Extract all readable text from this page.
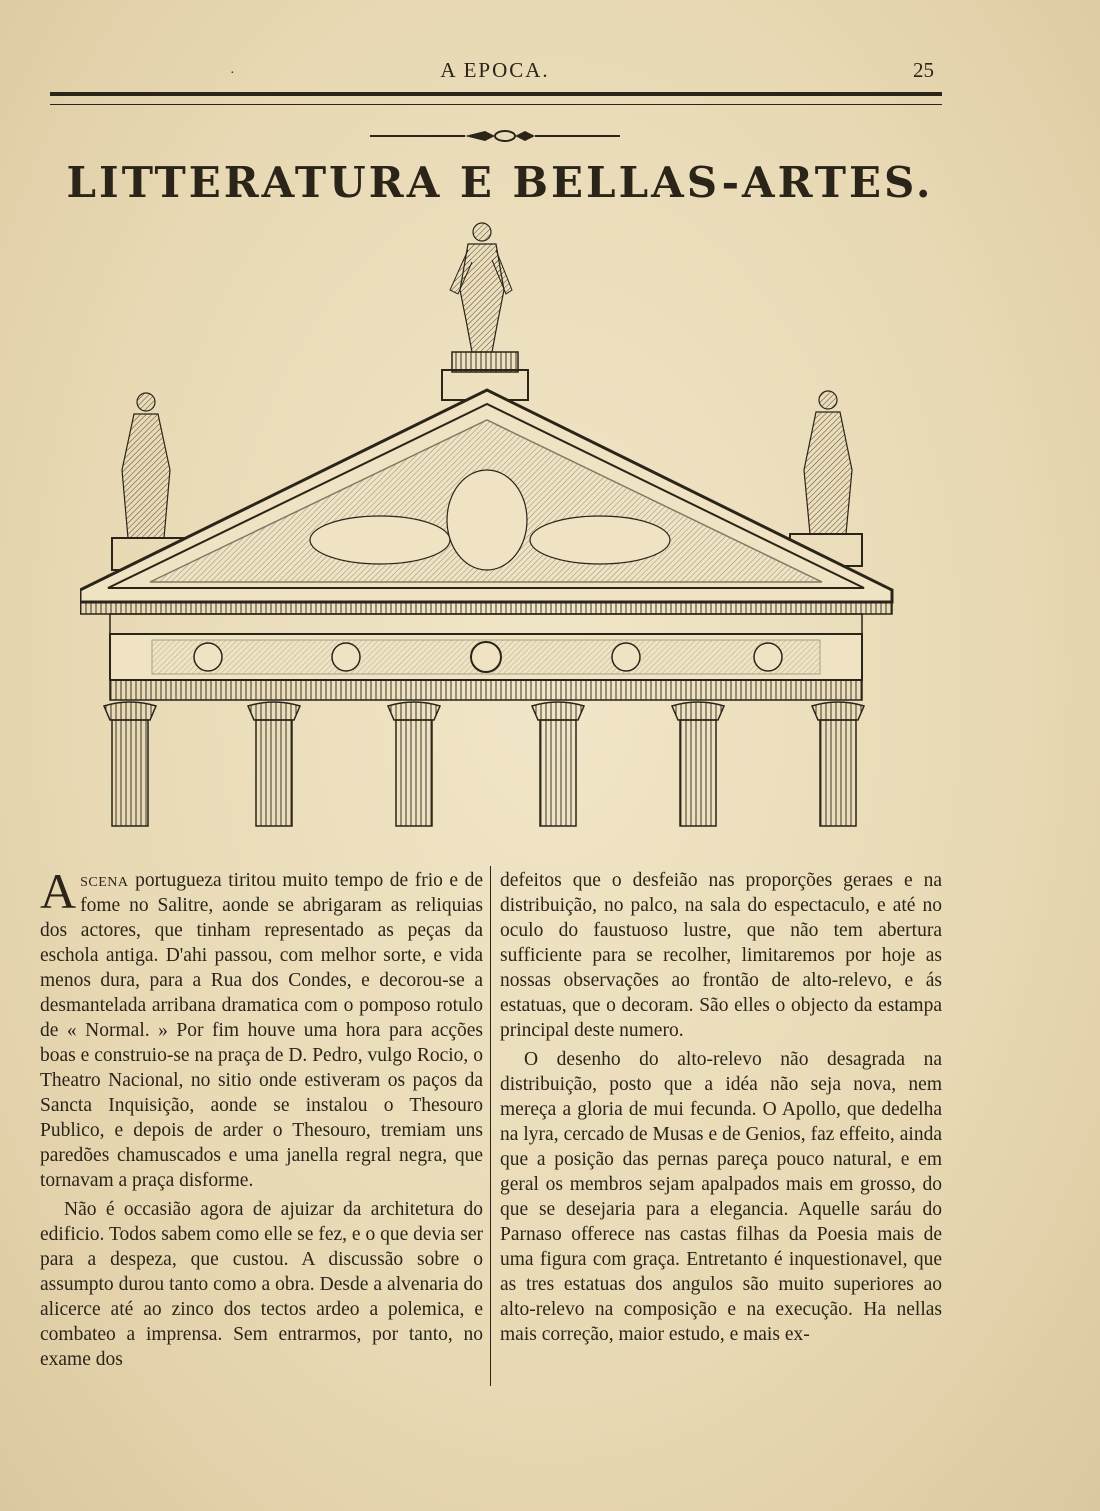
·	A EPOCA.	25
LITTERATURA E BELLAS-ARTES.

Ascena portugueza tiritou muito tempo de frio e de fome no Salitre, aonde se abrigaram as reliquias dos actores, que tinham representado as peças da eschola antiga. D'ahi passou, com melhor sorte, e vida menos dura, para a Rua dos Condes, e decorou-se a desmantelada arribana dramatica com o pomposo rotulo de « Normal. » Por fim houve uma hora para acções boas e construio-se na praça de D. Pedro, vulgo Rocio, o Theatro Nacional, no sitio onde estiveram os paços da Sancta Inquisição, aonde se instalou o Thesouro Publico, e depois de arder o Thesouro, tremiam uns paredões chamuscados e uma janella regral negra, que tornavam a praça disforme.

Não é occasião agora de ajuizar da architetura do edificio. Todos sabem como elle se fez, e o que devia ser para a despeza, que custou. A discussão sobre o assumpto durou tanto como a obra. Desde a alvenaria do alicerce até ao zinco dos tectos ardeo a polemica, e combateo a imprensa. Sem entrarmos, por tanto, no exame dos

defeitos que o desfeião nas proporções geraes e na distribuição, no palco, na sala do espectaculo, e até no oculo do faustuoso lustre, que não tem abertura sufficiente para se recolher, limitaremos por hoje as nossas observações ao frontão de alto-relevo, e ás estatuas, que o decoram. São elles o objecto da estampa principal deste numero.

O desenho do alto-relevo não desagrada na distribuição, posto que a idéa não seja nova, nem mereça a gloria de mui fecunda. O Apollo, que dedelha na lyra, cercado de Musas e de Genios, faz effeito, ainda que a posição das pernas pareça pouco natural, e em geral os membros sejam apalpados mais em grosso, do que se desejaria para a elegancia. Aquelle saráu do Parnaso offerece nas castas filhas da Poesia mais de uma figura com graça. Entretanto é inquestionavel, que as tres estatuas dos angulos são muito superiores ao alto-relevo na composição e na execução. Ha nellas mais correção, maior estudo, e mais ex-
